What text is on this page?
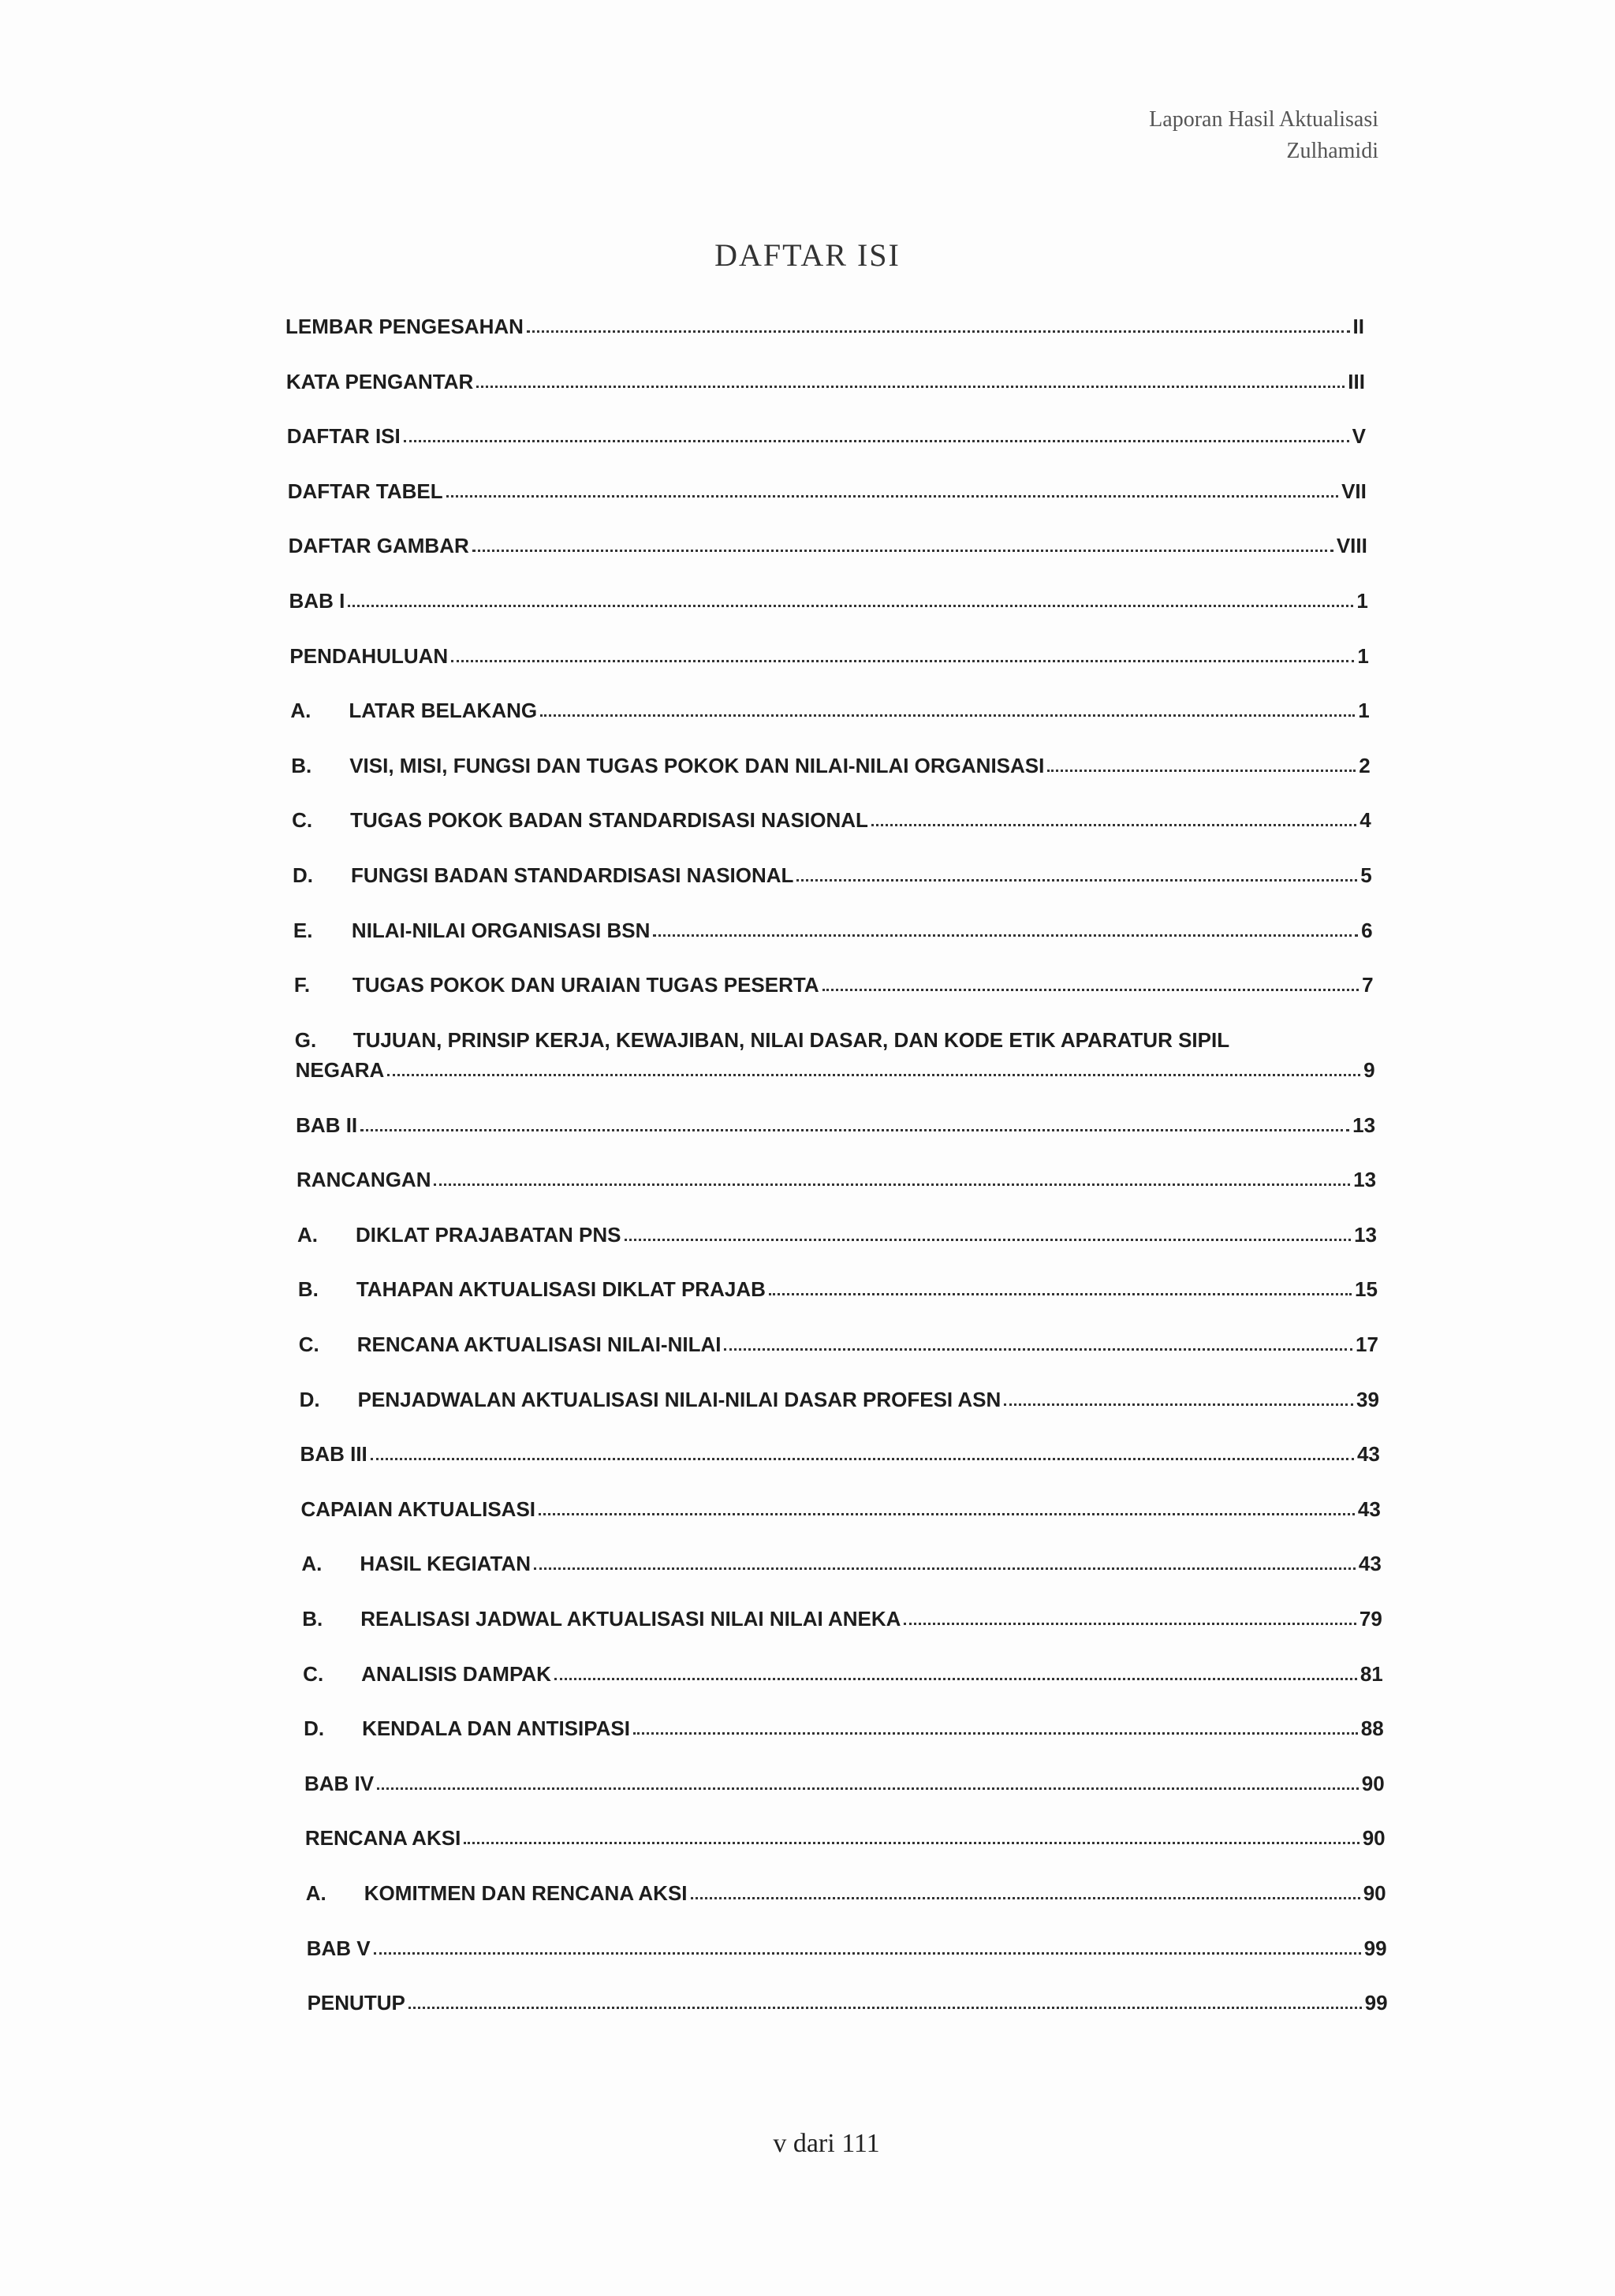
Laporan Hasil Aktualisasi
Zulhamidi
DAFTAR ISI
LEMBAR PENGESAHAN	II
KATA PENGANTAR	III
DAFTAR ISI	V
DAFTAR TABEL	VII
DAFTAR GAMBAR	VIII
BAB I	1
PENDAHULUAN	1
A.	LATAR BELAKANG	1
B.	VISI, MISI, FUNGSI DAN TUGAS POKOK DAN NILAI-NILAI ORGANISASI	2
C.	TUGAS POKOK BADAN STANDARDISASI NASIONAL	4
D.	FUNGSI BADAN STANDARDISASI NASIONAL	5
E.	NILAI-NILAI ORGANISASI BSN	6
F.	TUGAS POKOK DAN URAIAN TUGAS PESERTA	7
G.	TUJUAN, PRINSIP KERJA, KEWAJIBAN, NILAI DASAR, DAN KODE ETIK APARATUR SIPIL
NEGARA	9
BAB II	13
RANCANGAN	13
A.	DIKLAT PRAJABATAN PNS	13
B.	TAHAPAN AKTUALISASI DIKLAT PRAJAB	15
C.	RENCANA AKTUALISASI NILAI-NILAI	17
D.	PENJADWALAN AKTUALISASI NILAI-NILAI DASAR PROFESI ASN	39
BAB III	43
CAPAIAN AKTUALISASI	43
A.	HASIL KEGIATAN	43
B.	REALISASI JADWAL AKTUALISASI NILAI NILAI ANEKA	79
C.	ANALISIS DAMPAK	81
D.	KENDALA DAN ANTISIPASI	88
BAB IV	90
RENCANA AKSI	90
A.	KOMITMEN DAN RENCANA AKSI	90
BAB V	99
PENUTUP	99
v dari 111
